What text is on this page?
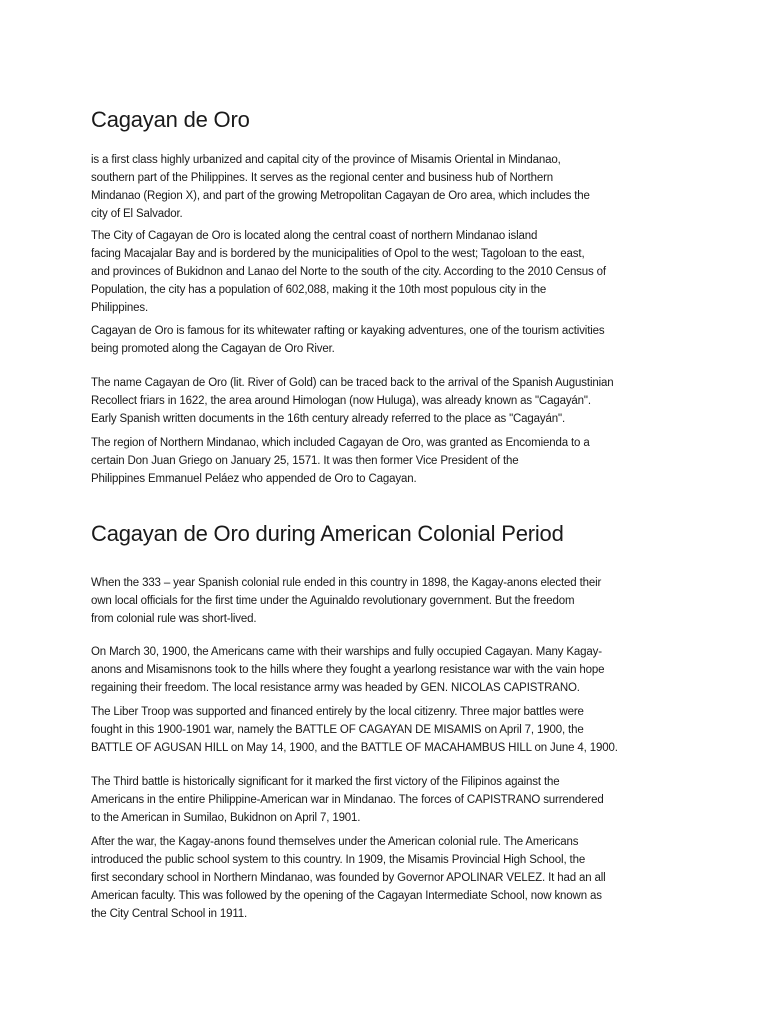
Cagayan de Oro

is a first class highly urbanized and capital city of the province of Misamis Oriental in Mindanao,
southern part of the Philippines. It serves as the regional center and business hub of Northern
Mindanao (Region X), and part of the growing Metropolitan Cagayan de Oro area, which includes the
city of El Salvador.

The City of Cagayan de Oro is located along the central coast of northern Mindanao island
facing Macajalar Bay and is bordered by the municipalities of Opol to the west; Tagoloan to the east,
and provinces of Bukidnon and Lanao del Norte to the south of the city. According to the 2010 Census of
Population, the city has a population of 602,088, making it the 10th most populous city in the
Philippines.

Cagayan de Oro is famous for its whitewater rafting or kayaking adventures, one of the tourism activities
being promoted along the Cagayan de Oro River.

The name Cagayan de Oro (lit. River of Gold) can be traced back to the arrival of the Spanish Augustinian
Recollect friars in 1622, the area around Himologan (now Huluga), was already known as "Cagayán".
Early Spanish written documents in the 16th century already referred to the place as "Cagayán".

The region of Northern Mindanao, which included Cagayan de Oro, was granted as Encomienda to a
certain Don Juan Griego on January 25, 1571. It was then former Vice President of the
Philippines Emmanuel Peláez who appended de Oro to Cagayan.

Cagayan de Oro during American Colonial Period

When the 333 – year Spanish colonial rule ended in this country in 1898, the Kagay-anons elected their
own local officials for the first time under the Aguinaldo revolutionary government. But the freedom
from colonial rule was short-lived.

On March 30, 1900, the Americans came with their warships and fully occupied Cagayan. Many Kagay-
anons and Misamisnons took to the hills where they fought a yearlong resistance war with the vain hope
regaining their freedom. The local resistance army was headed by GEN. NICOLAS CAPISTRANO.

The Liber Troop was supported and financed entirely by the local citizenry. Three major battles were
fought in this 1900-1901 war, namely the BATTLE OF CAGAYAN DE MISAMIS on April 7, 1900, the
BATTLE OF AGUSAN HILL on May 14, 1900, and the BATTLE OF MACAHAMBUS HILL on June 4, 1900.

The Third battle is historically significant for it marked the first victory of the Filipinos against the
Americans in the entire Philippine-American war in Mindanao. The forces of CAPISTRANO surrendered
to the American in Sumilao, Bukidnon on April 7, 1901.

After the war, the Kagay-anons found themselves under the American colonial rule. The Americans
introduced the public school system to this country. In 1909, the Misamis Provincial High School, the
first secondary school in Northern Mindanao, was founded by Governor APOLINAR VELEZ. It had an all
American faculty. This was followed by the opening of the Cagayan Intermediate School, now known as
the City Central School in 1911.
